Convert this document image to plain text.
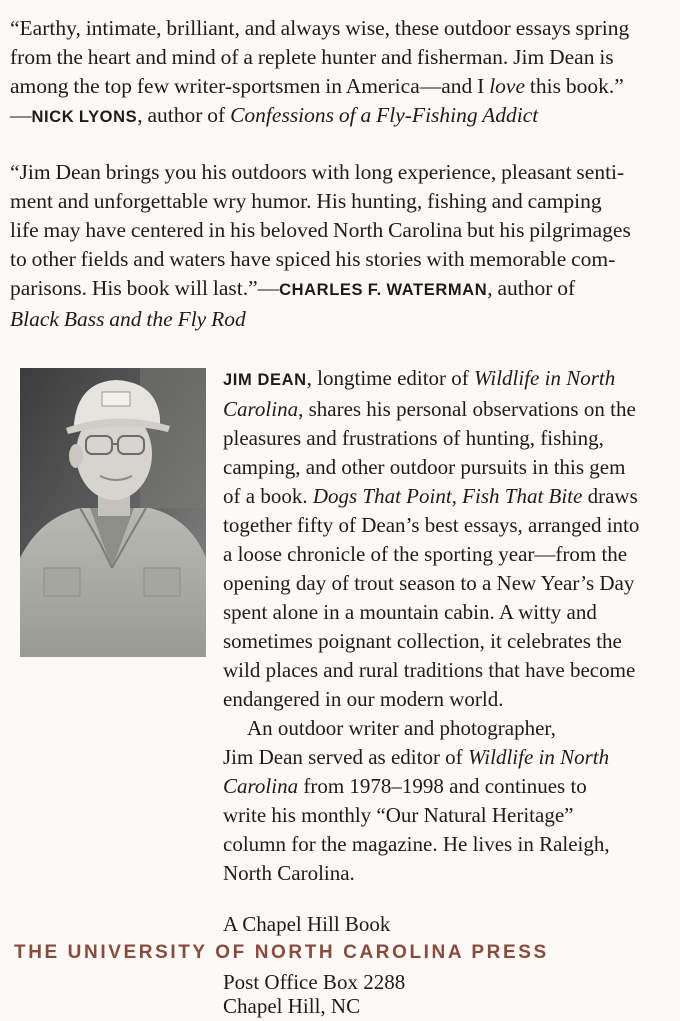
“Earthy, intimate, brilliant, and always wise, these outdoor essays spring
from the heart and mind of a replete hunter and fisherman. Jim Dean is
among the top few writer-sportsmen in America—and I love this book.”
—NICK LYONS, author of Confessions of a Fly-Fishing Addict
“Jim Dean brings you his outdoors with long experience, pleasant senti-
ment and unforgettable wry humor. His hunting, fishing and camping
life may have centered in his beloved North Carolina but his pilgrimages
to other fields and waters have spiced his stories with memorable com-
parisons. His book will last.”—CHARLES F. WATERMAN, author of
Black Bass and the Fly Rod
JIM DEAN, longtime editor of Wildlife in North
Carolina, shares his personal observations on the
pleasures and frustrations of hunting, fishing,
camping, and other outdoor pursuits in this gem
of a book. Dogs That Point, Fish That Bite draws
together fifty of Dean’s best essays, arranged into
a loose chronicle of the sporting year—from the
opening day of trout season to a New Year’s Day
spent alone in a mountain cabin. A witty and
sometimes poignant collection, it celebrates the
wild places and rural traditions that have become
endangered in our modern world.
An outdoor writer and photographer,
Jim Dean served as editor of Wildlife in North
Carolina from 1978–1998 and continues to
write his monthly “Our Natural Heritage”
column for the magazine. He lives in Raleigh,
North Carolina.
A Chapel Hill Book
THE UNIVERSITY OF NORTH CAROLINA PRESS
Post Office Box 2288
Chapel Hill, NC
